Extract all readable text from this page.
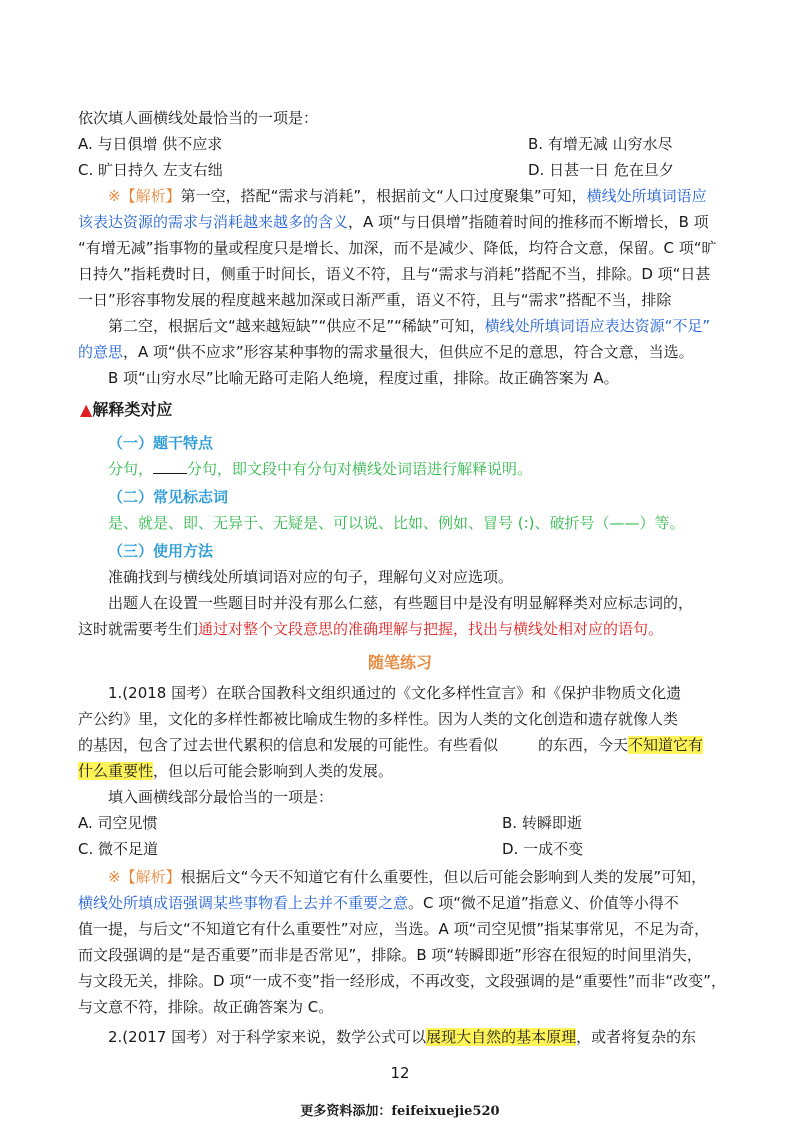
依次填人画横线处最恰当的一项是：
A. 与日俱增 供不应求	B. 有增无减 山穷水尽
C. 旷日持久 左支右绌	D. 日甚一日 危在旦夕
※【解析】第一空，搭配“需求与消耗”，根据前文“人口过度聚集”可知，横线处所填词语应
该表达资源的需求与消耗越来越多的含义，A 项“与日俱增”指随着时间的推移而不断增长，B 项
“有增无减”指事物的量或程度只是增长、加深，而不是减少、降低，均符合文意，保留。C 项“旷
日持久”指耗费时日，侧重于时间长，语义不符，且与“需求与消耗”搭配不当，排除。D 项“日甚
一日”形容事物发展的程度越来越加深或日渐严重，语义不符，且与“需求”搭配不当，排除
第二空，根据后文“越来越短缺”“供应不足”“稀缺”可知，横线处所填词语应表达资源“不足”
的意思，A 项“供不应求”形容某种事物的需求量很大，但供应不足的意思，符合文意，当选。
B 项“山穷水尽”比喻无路可走陷人绝境，程度过重，排除。故正确答案为 A。
▲解释类对应
（一）题干特点
分句， 分句，即文段中有分句对横线处词语进行解释说明。
（二）常见标志词
是、就是、即、无异于、无疑是、可以说、比如、例如、冒号 (:)、破折号（——）等。
（三）使用方法
准确找到与横线处所填词语对应的句子，理解句义对应选项。
出题人在设置一些题目时并没有那么仁慈，有些题目中是没有明显解释类对应标志词的，
这时就需要考生们通过对整个文段意思的准确理解与把握，找出与横线处相对应的语句。
随笔练习
1.(2018 国考）在联合国教科文组织通过的《文化多样性宣言》和《保护非物质文化遗
产公约》里，文化的多样性都被比喻成生物的多样性。因为人类的文化创造和遗存就像人类
的基因，包含了过去世代累积的信息和发展的可能性。有些看似	的东西，今天不知道它有
什么重要性，但以后可能会影响到人类的发展。
填入画横线部分最恰当的一项是：
A. 司空见惯	B. 转瞬即逝
C. 微不足道	D. 一成不变
※【解析】根据后文“今天不知道它有什么重要性，但以后可能会影响到人类的发展”可知，
横线处所填成语强调某些事物看上去并不重要之意。C 项“微不足道”指意义、价值等小得不
值一提，与后文“不知道它有什么重要性”对应，当选。A 项“司空见惯”指某事常见，不足为奇，
而文段强调的是“是否重要”而非是否常见”，排除。B 项“转瞬即逝”形容在很短的时间里消失，
与文段无关，排除。D 项“一成不变”指一经形成，不再改变，文段强调的是“重要性”而非“改变”，
与文意不符，排除。故正确答案为 C。
2.(2017 国考）对于科学家来说，数学公式可以展现大自然的基本原理，或者将复杂的东
12
更多资料添加：feifeixuejie520
